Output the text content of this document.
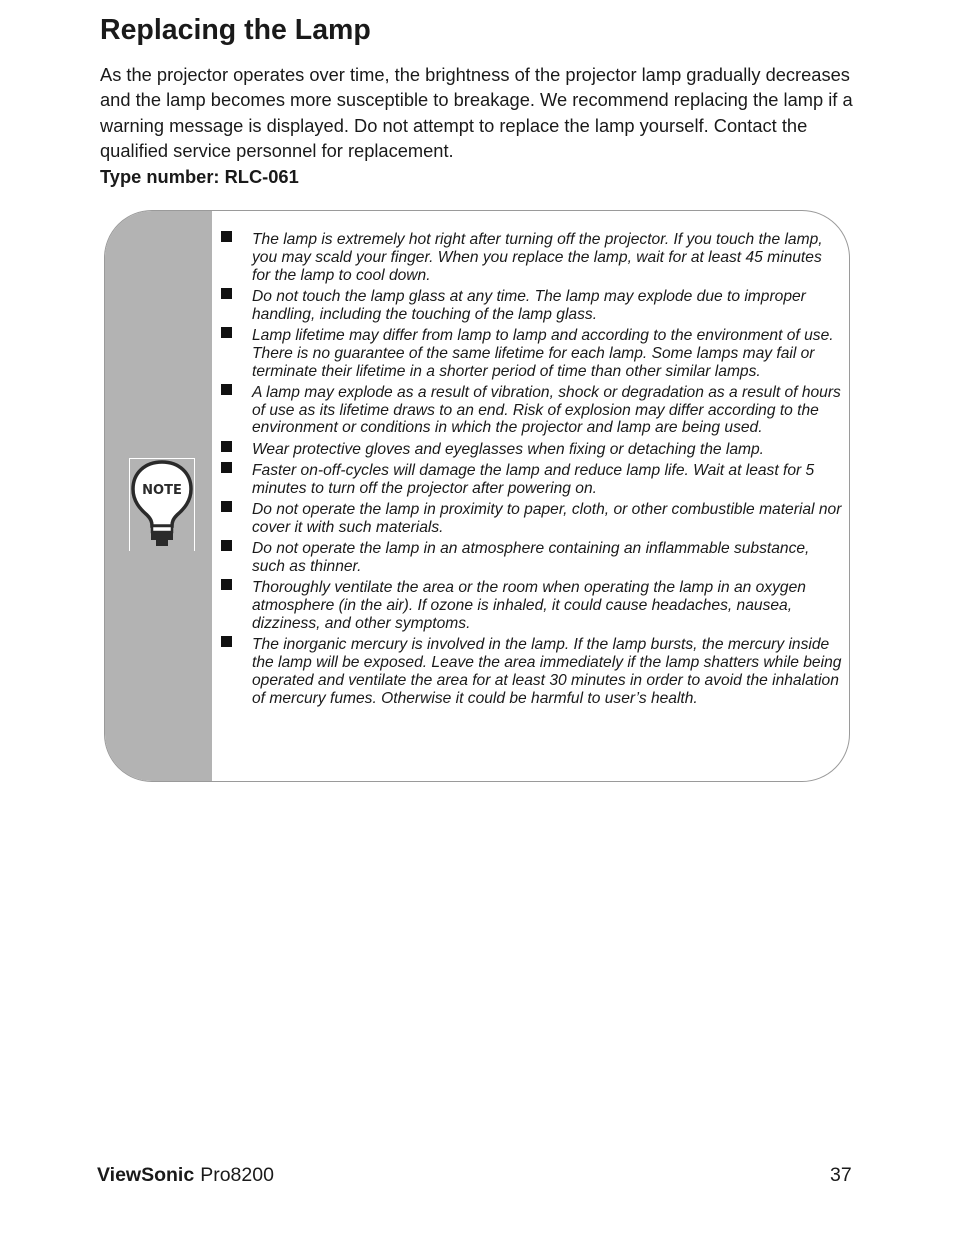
Replacing the Lamp

As the projector operates over time, the brightness of the projector lamp gradually decreases and the lamp becomes more susceptible to breakage. We recommend replacing the lamp if a warning message is displayed. Do not attempt to replace the lamp yourself. Contact the qualified service personnel for replacement.

Type number: RLC-061

NOTE
The lamp is extremely hot right after turning off the projector. If you touch the lamp, you may scald your finger. When you replace the lamp, wait for at least 45 minutes for the lamp to cool down.
Do not touch the lamp glass at any time. The lamp may explode due to improper handling, including the touching of the lamp glass.
Lamp lifetime may differ from lamp to lamp and according to the environment of use. There is no guarantee of the same lifetime for each lamp. Some lamps may fail or terminate their lifetime in a shorter period of time than other similar lamps.
A lamp may explode as a result of vibration, shock or degradation as a result of hours of use as its lifetime draws to an end. Risk of explosion may differ according to the environment or conditions in which the projector and lamp are being used.
Wear protective gloves and eyeglasses when fixing or detaching the lamp.
Faster on-off-cycles will damage the lamp and reduce lamp life. Wait at least for 5 minutes to turn off the projector after powering on.
Do not operate the lamp in proximity to paper, cloth, or other combustible material nor cover it with such materials.
Do not operate the lamp in an atmosphere containing an inflammable substance, such as thinner.
Thoroughly ventilate the area or the room when operating the lamp in an oxygen atmosphere (in the air). If ozone is inhaled, it could cause headaches, nausea, dizziness, and other symptoms.
The inorganic mercury is involved in the lamp. If the lamp bursts, the mercury inside the lamp will be exposed. Leave the area immediately if the lamp shatters while being operated and ventilate the area for at least 30 minutes in order to avoid the inhalation of mercury fumes. Otherwise it could be harmful to user’s health.

ViewSonic Pro8200	37
